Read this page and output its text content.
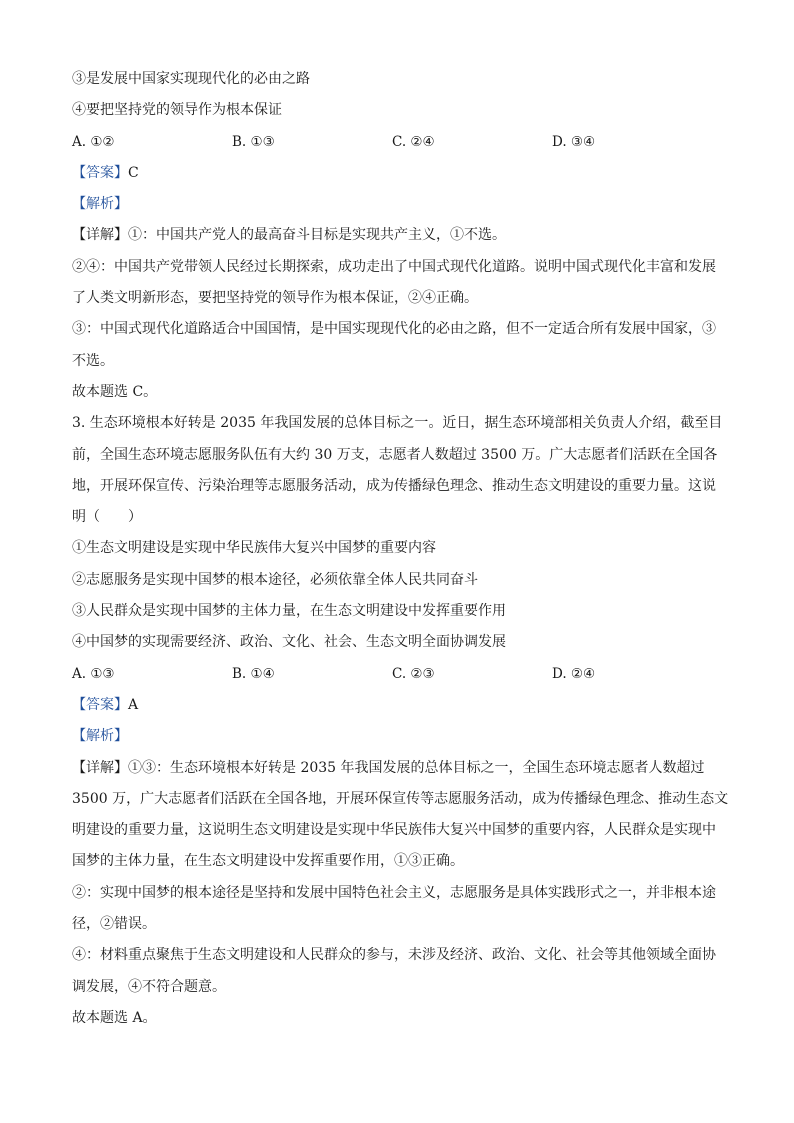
③是发展中国家实现现代化的必由之路
④要把坚持党的领导作为根本保证
A. ①②	B. ①③	C. ②④	D. ③④
【答案】C
【解析】
【详解】①：中国共产党人的最高奋斗目标是实现共产主义，①不选。
②④：中国共产党带领人民经过长期探索，成功走出了中国式现代化道路。说明中国式现代化丰富和发展
了人类文明新形态，要把坚持党的领导作为根本保证，②④正确。
③：中国式现代化道路适合中国国情，是中国实现现代化的必由之路，但不一定适合所有发展中国家，③
不选。
故本题选 C。
3. 生态环境根本好转是 2035 年我国发展的总体目标之一。近日，据生态环境部相关负责人介绍，截至目
前，全国生态环境志愿服务队伍有大约 30 万支，志愿者人数超过 3500 万。广大志愿者们活跃在全国各
地，开展环保宣传、污染治理等志愿服务活动，成为传播绿色理念、推动生态文明建设的重要力量。这说
明（　　）
①生态文明建设是实现中华民族伟大复兴中国梦的重要内容
②志愿服务是实现中国梦的根本途径，必须依靠全体人民共同奋斗
③人民群众是实现中国梦的主体力量，在生态文明建设中发挥重要作用
④中国梦的实现需要经济、政治、文化、社会、生态文明全面协调发展
A. ①③	B. ①④	C. ②③	D. ②④
【答案】A
【解析】
【详解】①③：生态环境根本好转是 2035 年我国发展的总体目标之一，全国生态环境志愿者人数超过
3500 万，广大志愿者们活跃在全国各地，开展环保宣传等志愿服务活动，成为传播绿色理念、推动生态文
明建设的重要力量，这说明生态文明建设是实现中华民族伟大复兴中国梦的重要内容，人民群众是实现中
国梦的主体力量，在生态文明建设中发挥重要作用，①③正确。
②：实现中国梦的根本途径是坚持和发展中国特色社会主义，志愿服务是具体实践形式之一，并非根本途
径，②错误。
④：材料重点聚焦于生态文明建设和人民群众的参与，未涉及经济、政治、文化、社会等其他领域全面协
调发展，④不符合题意。
故本题选 A。
